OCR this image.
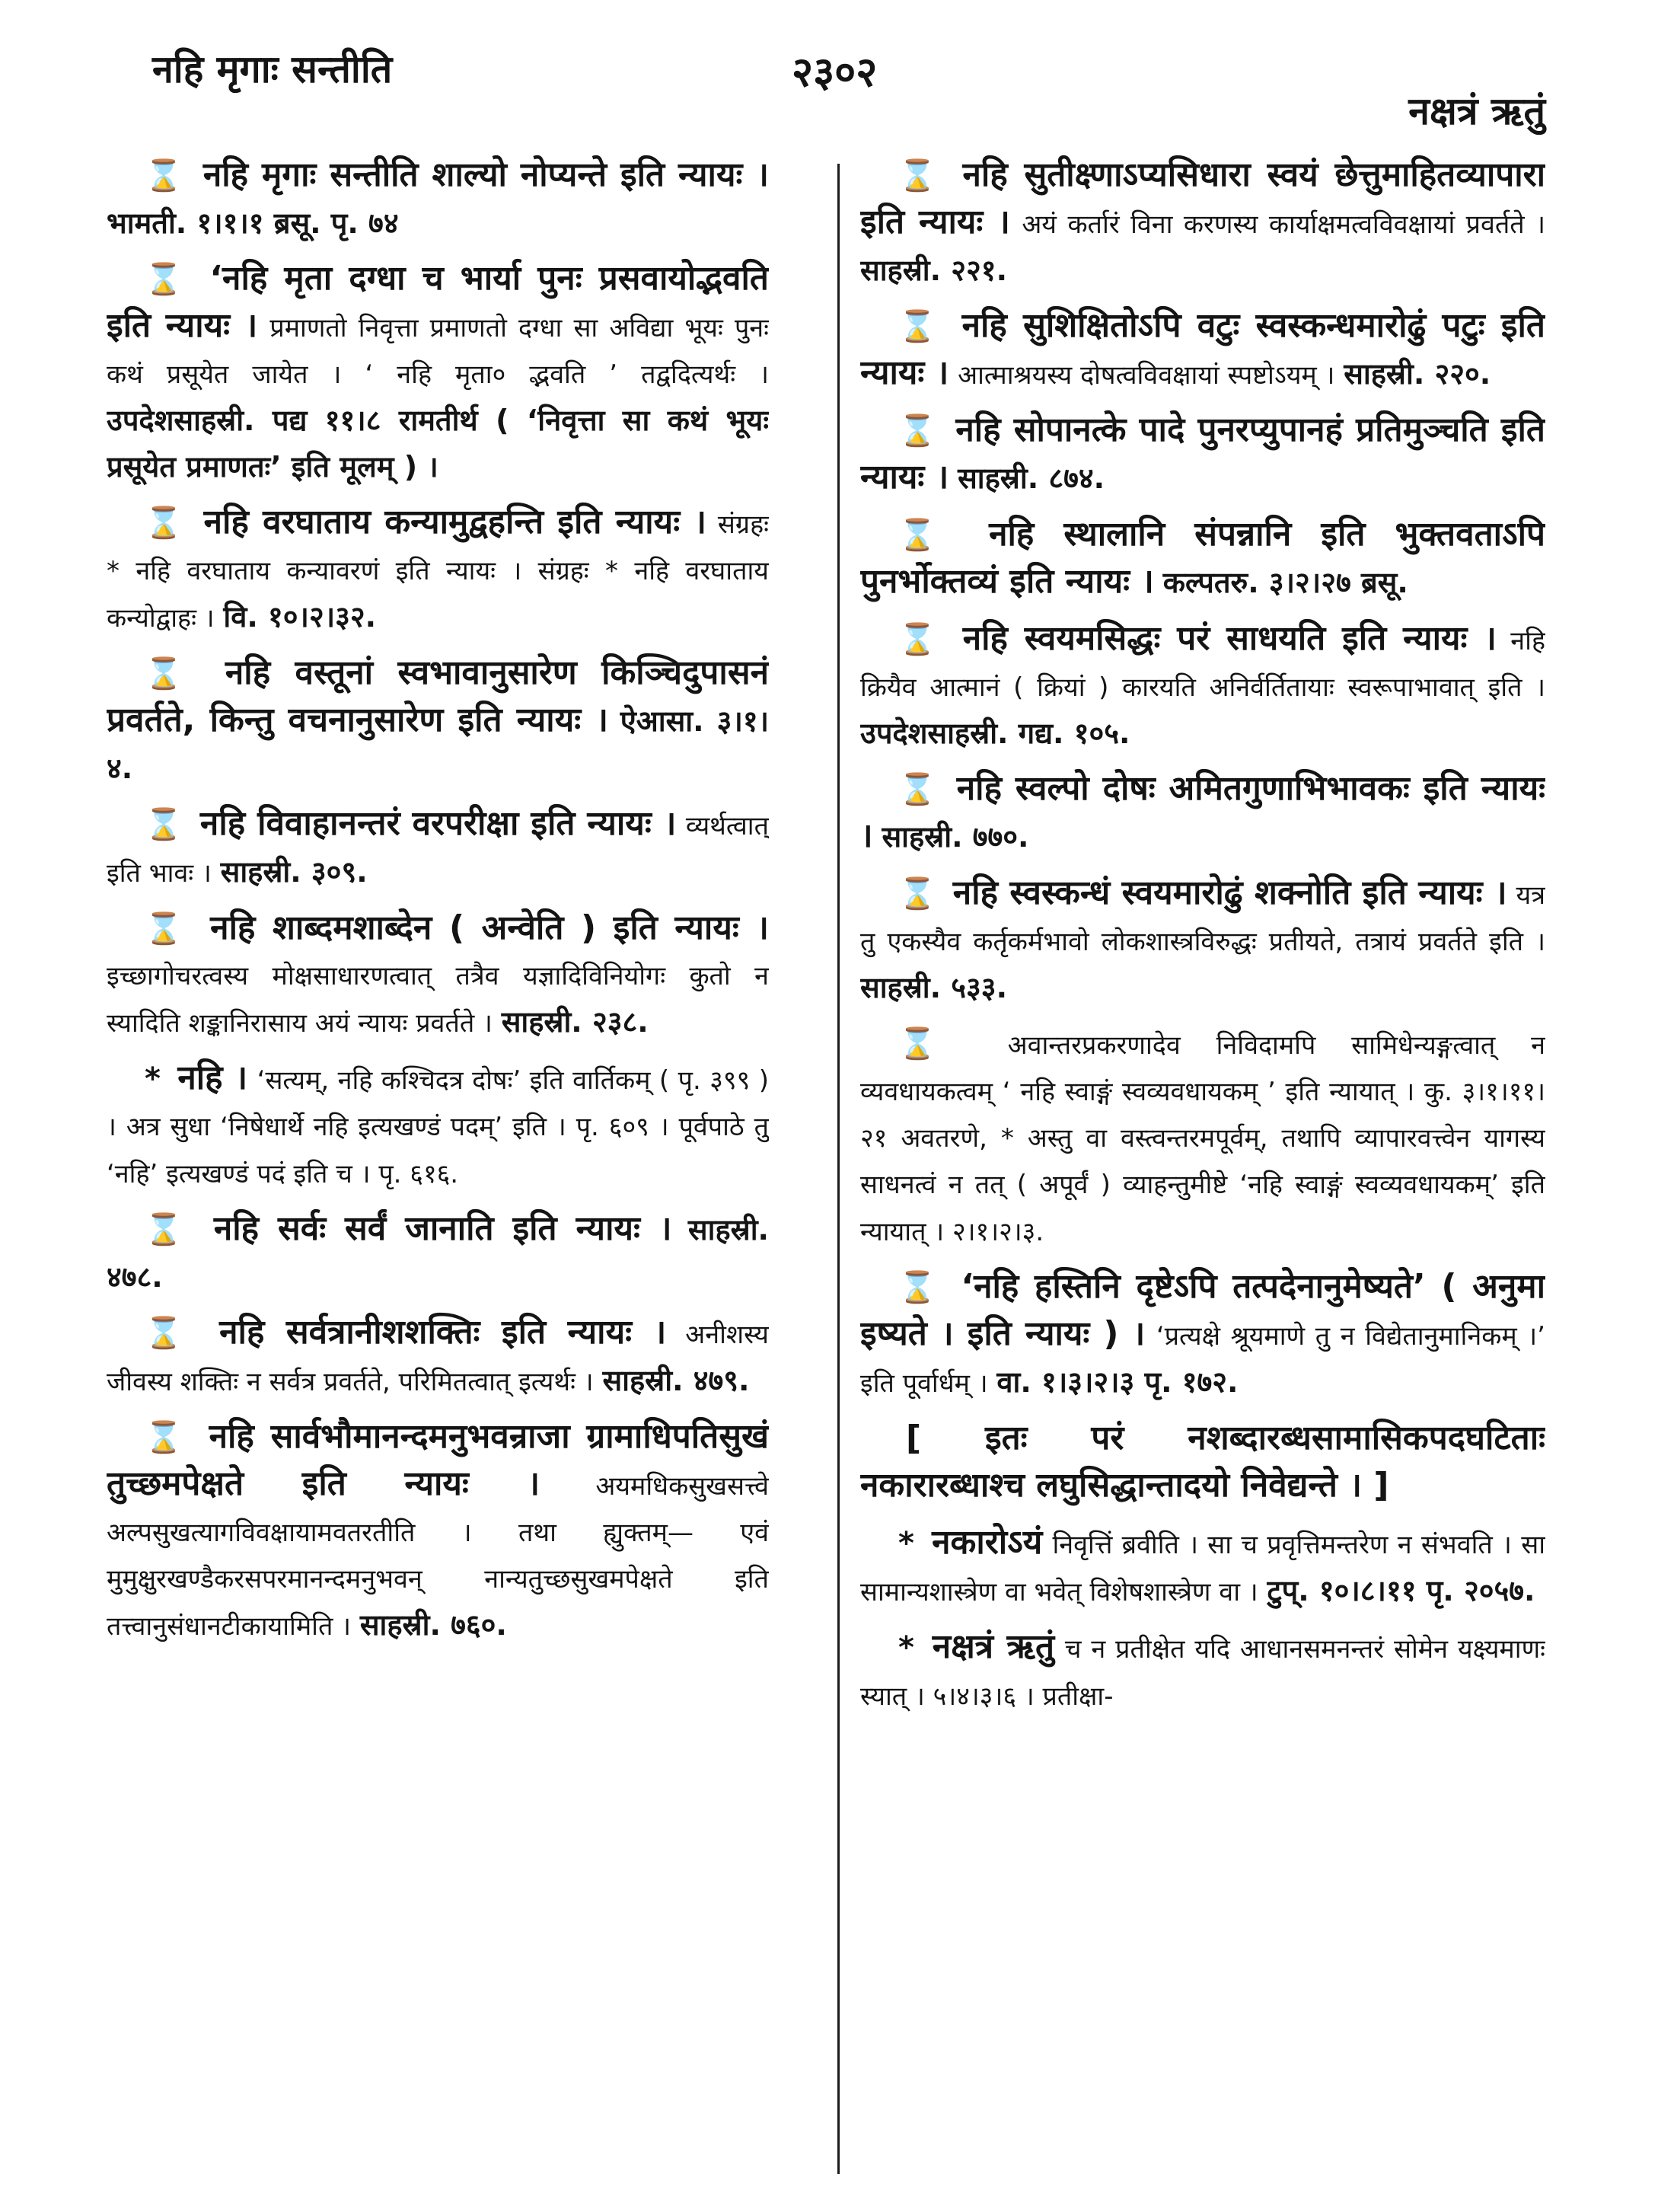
नहि मृगाः सन्तीति	२३०२
नक्षत्रं ऋतुं

⌛ नहि मृगाः सन्तीति शाल्यो नोप्यन्ते इति न्यायः । भामती. १।१।१ ब्रसू. पृ. ७४

⌛ ‘नहि मृता दग्धा च भार्या पुनः प्रसवायोद्भवति इति न्यायः । प्रमाणतो निवृत्ता प्रमाणतो दग्धा सा अविद्या भूयः पुनः कथं प्रसूयेत जायेत । ‘ नहि मृता० द्भवति ’ तद्वदित्यर्थः । उपदेशसाहस्री. पद्य ११।८ रामतीर्थ ( ‘निवृत्ता सा कथं भूयः प्रसूयेत प्रमाणतः’ इति मूलम् ) ।

⌛ नहि वरघाताय कन्यामुद्वहन्ति इति न्यायः । संग्रहः * नहि वरघाताय कन्यावरणं इति न्यायः । संग्रहः * नहि वरघाताय कन्योद्वाहः । वि. १०।२।३२.

⌛ नहि वस्तूनां स्वभावानुसारेण किञ्चिदुपासनं प्रवर्तते, किन्तु वचनानुसारेण इति न्यायः । ऐआसा. ३।१।४.

⌛ नहि विवाहानन्तरं वरपरीक्षा इति न्यायः । व्यर्थत्वात् इति भावः । साहस्री. ३०९.

⌛ नहि शाब्दमशाब्देन ( अन्वेति ) इति न्यायः । इच्छागोचरत्वस्य मोक्षसाधारणत्वात् तत्रैव यज्ञादिविनियोगः कुतो न स्यादिति शङ्कानिरासाय अयं न्यायः प्रवर्तते । साहस्री. २३८.

* नहि । ‘सत्यम्, नहि कश्चिदत्र दोषः’ इति वार्तिकम् ( पृ. ३९९ ) । अत्र सुधा ‘निषेधार्थे नहि इत्यखण्डं पदम्’ इति । पृ. ६०९ । पूर्वपाठे तु ‘नहि’ इत्यखण्डं पदं इति च । पृ. ६१६.

⌛ नहि सर्वः सर्वं जानाति इति न्यायः । साहस्री. ४७८.

⌛ नहि सर्वत्रानीशशक्तिः इति न्यायः । अनीशस्य जीवस्य शक्तिः न सर्वत्र प्रवर्तते, परिमितत्वात् इत्यर्थः । साहस्री. ४७९.

⌛ नहि सार्वभौमानन्दमनुभवन्राजा ग्रामाधिपतिसुखं तुच्छमपेक्षते इति न्यायः । अयमधिकसुखसत्त्वे अल्पसुखत्यागविवक्षायामवतरतीति । तथा ह्युक्तम्— एवं मुमुक्षुरखण्डैकरसपरमानन्दमनुभवन् नान्यतुच्छसुखमपेक्षते इति तत्त्वानुसंधानटीकायामिति । साहस्री. ७६०.

⌛ नहि सुतीक्ष्णाऽप्यसिधारा स्वयं छेत्तुमाहितव्यापारा इति न्यायः । अयं कर्तारं विना करणस्य कार्याक्षमत्वविवक्षायां प्रवर्तते । साहस्री. २२१.

⌛ नहि सुशिक्षितोऽपि वटुः स्वस्कन्धमारोढुं पटुः इति न्यायः । आत्माश्रयस्य दोषत्वविवक्षायां स्पष्टोऽयम् । साहस्री. २२०.

⌛ नहि सोपानत्के पादे पुनरप्युपानहं प्रतिमुञ्चति इति न्यायः । साहस्री. ८७४.

⌛ नहि स्थालानि संपन्नानि इति भुक्तवताऽपि पुनर्भोक्तव्यं इति न्यायः । कल्पतरु. ३।२।२७ ब्रसू.

⌛ नहि स्वयमसिद्धः परं साधयति इति न्यायः । नहि क्रियैव आत्मानं ( क्रियां ) कारयति अनिर्वर्तितायाः स्वरूपाभावात् इति । उपदेशसाहस्री. गद्य. १०५.

⌛ नहि स्वल्पो दोषः अमितगुणाभिभावकः इति न्यायः । साहस्री. ७७०.

⌛ नहि स्वस्कन्धं स्वयमारोढुं शक्नोति इति न्यायः । यत्र तु एकस्यैव कर्तृकर्मभावो लोकशास्त्रविरुद्धः प्रतीयते, तत्रायं प्रवर्तते इति । साहस्री. ५३३.

⌛ अवान्तरप्रकरणादेव निविदामपि सामिधेन्यङ्गत्वात् न व्यवधायकत्वम् ‘ नहि स्वाङ्गं स्वव्यवधायकम् ’ इति न्यायात् । कु. ३।१।११।२१ अवतरणे, * अस्तु वा वस्त्वन्तरमपूर्वम्, तथापि व्यापारवत्त्वेन यागस्य साधनत्वं न तत् ( अपूर्वं ) व्याहन्तुमीष्टे ‘नहि स्वाङ्गं स्वव्यवधायकम्’ इति न्यायात् । २।१।२।३.

⌛ ‘नहि हस्तिनि दृष्टेऽपि तत्पदेनानुमेष्यते’ ( अनुमा इष्यते । इति न्यायः ) । ‘प्रत्यक्षे श्रूयमाणे तु न विद्येतानुमानिकम् ।’ इति पूर्वार्धम् । वा. १।३।२।३ पृ. १७२.

[ इतः परं नशब्दारब्धसामासिकपदघटिताः नकारारब्धाश्च लघुसिद्धान्तादयो निवेद्यन्ते । ]

* नकारोऽयं निवृत्तिं ब्रवीति । सा च प्रवृत्तिमन्तरेण न संभवति । सा सामान्यशास्त्रेण वा भवेत् विशेषशास्त्रेण वा । टुप्. १०।८।११ पृ. २०५७.

* नक्षत्रं ऋतुं च न प्रतीक्षेत यदि आधानसमनन्तरं सोमेन यक्ष्यमाणः स्यात् । ५।४।३।६ । प्रतीक्षा-
